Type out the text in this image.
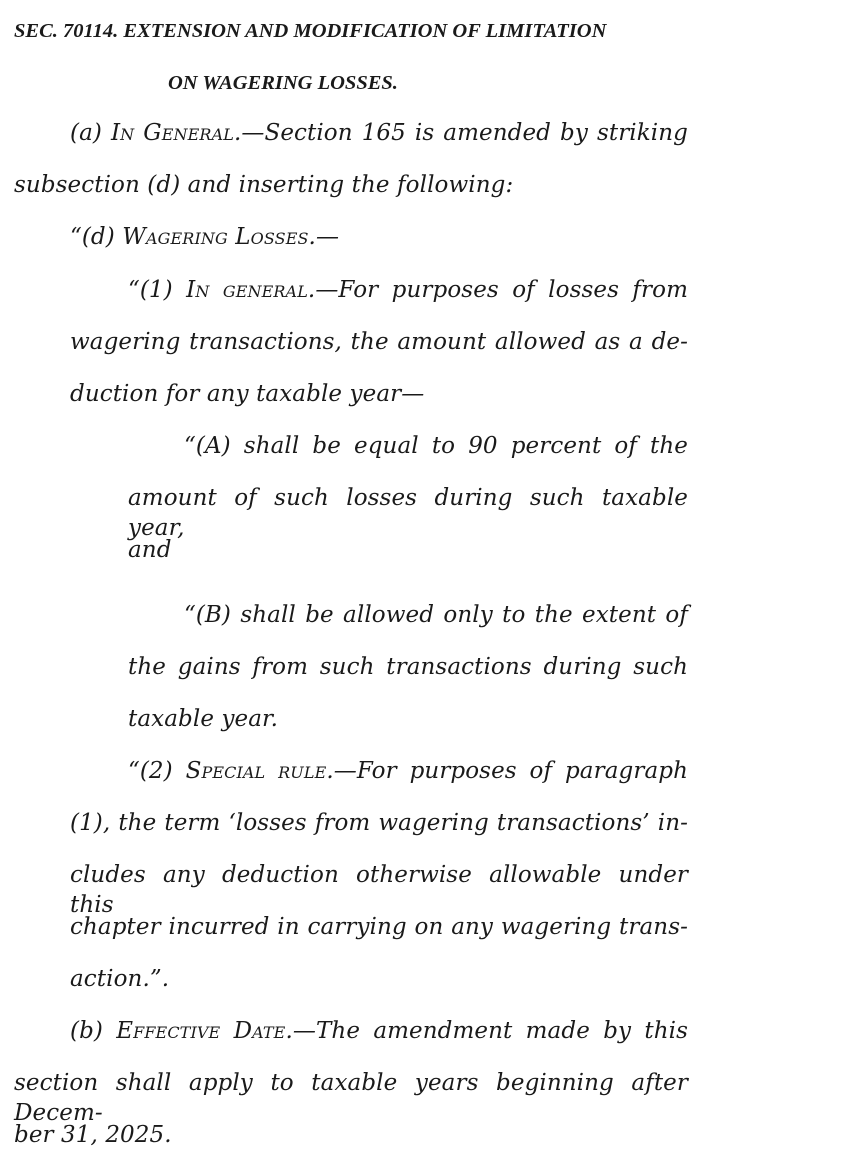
SEC. 70114. EXTENSION AND MODIFICATION OF LIMITATION
ON WAGERING LOSSES.
(a) In General.—Section 165 is amended by striking
subsection (d) and inserting the following:
“(d) Wagering Losses.—
“(1) In general.—For purposes of losses from
wagering transactions, the amount allowed as a de-
duction for any taxable year—
“(A) shall be equal to 90 percent of the
amount of such losses during such taxable year,
and
“(B) shall be allowed only to the extent of
the gains from such transactions during such
taxable year.
“(2) Special rule.—For purposes of paragraph
(1), the term ‘losses from wagering transactions’ in-
cludes any deduction otherwise allowable under this
chapter incurred in carrying on any wagering trans-
action.”.
(b) Effective Date.—The amendment made by this
section shall apply to taxable years beginning after Decem-
ber 31, 2025.
